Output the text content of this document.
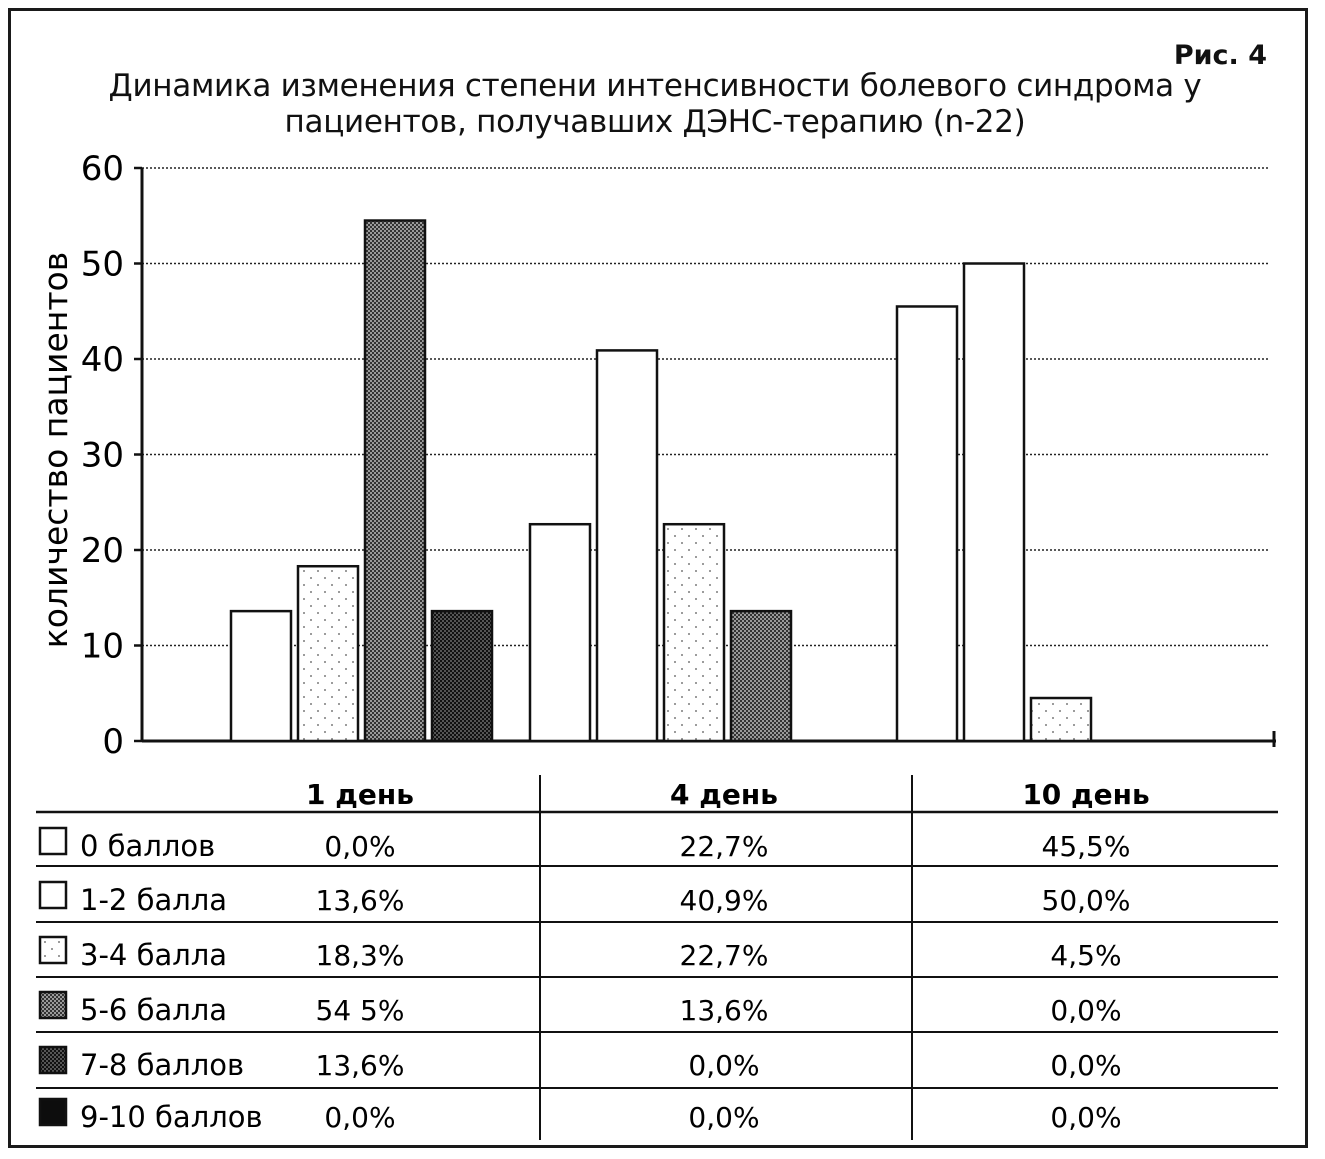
Рис. 4
Динамика изменения степени интенсивности болевого синдрома у пациентов, получавших ДЭНС-терапию (n-22)
0
10
20
30
40
50
60
количество пациентов
1 день	4 день	10 день
0 баллов	0,0%	22,7%	45,5%
1-2 балла	13,6%	40,9%	50,0%
3-4 балла	18,3%	22,7%	4,5%
5-6 балла	54 5%	13,6%	0,0%
7-8 баллов	13,6%	0,0%	0,0%
9-10 баллов 0,0%	0,0%	0,0%
